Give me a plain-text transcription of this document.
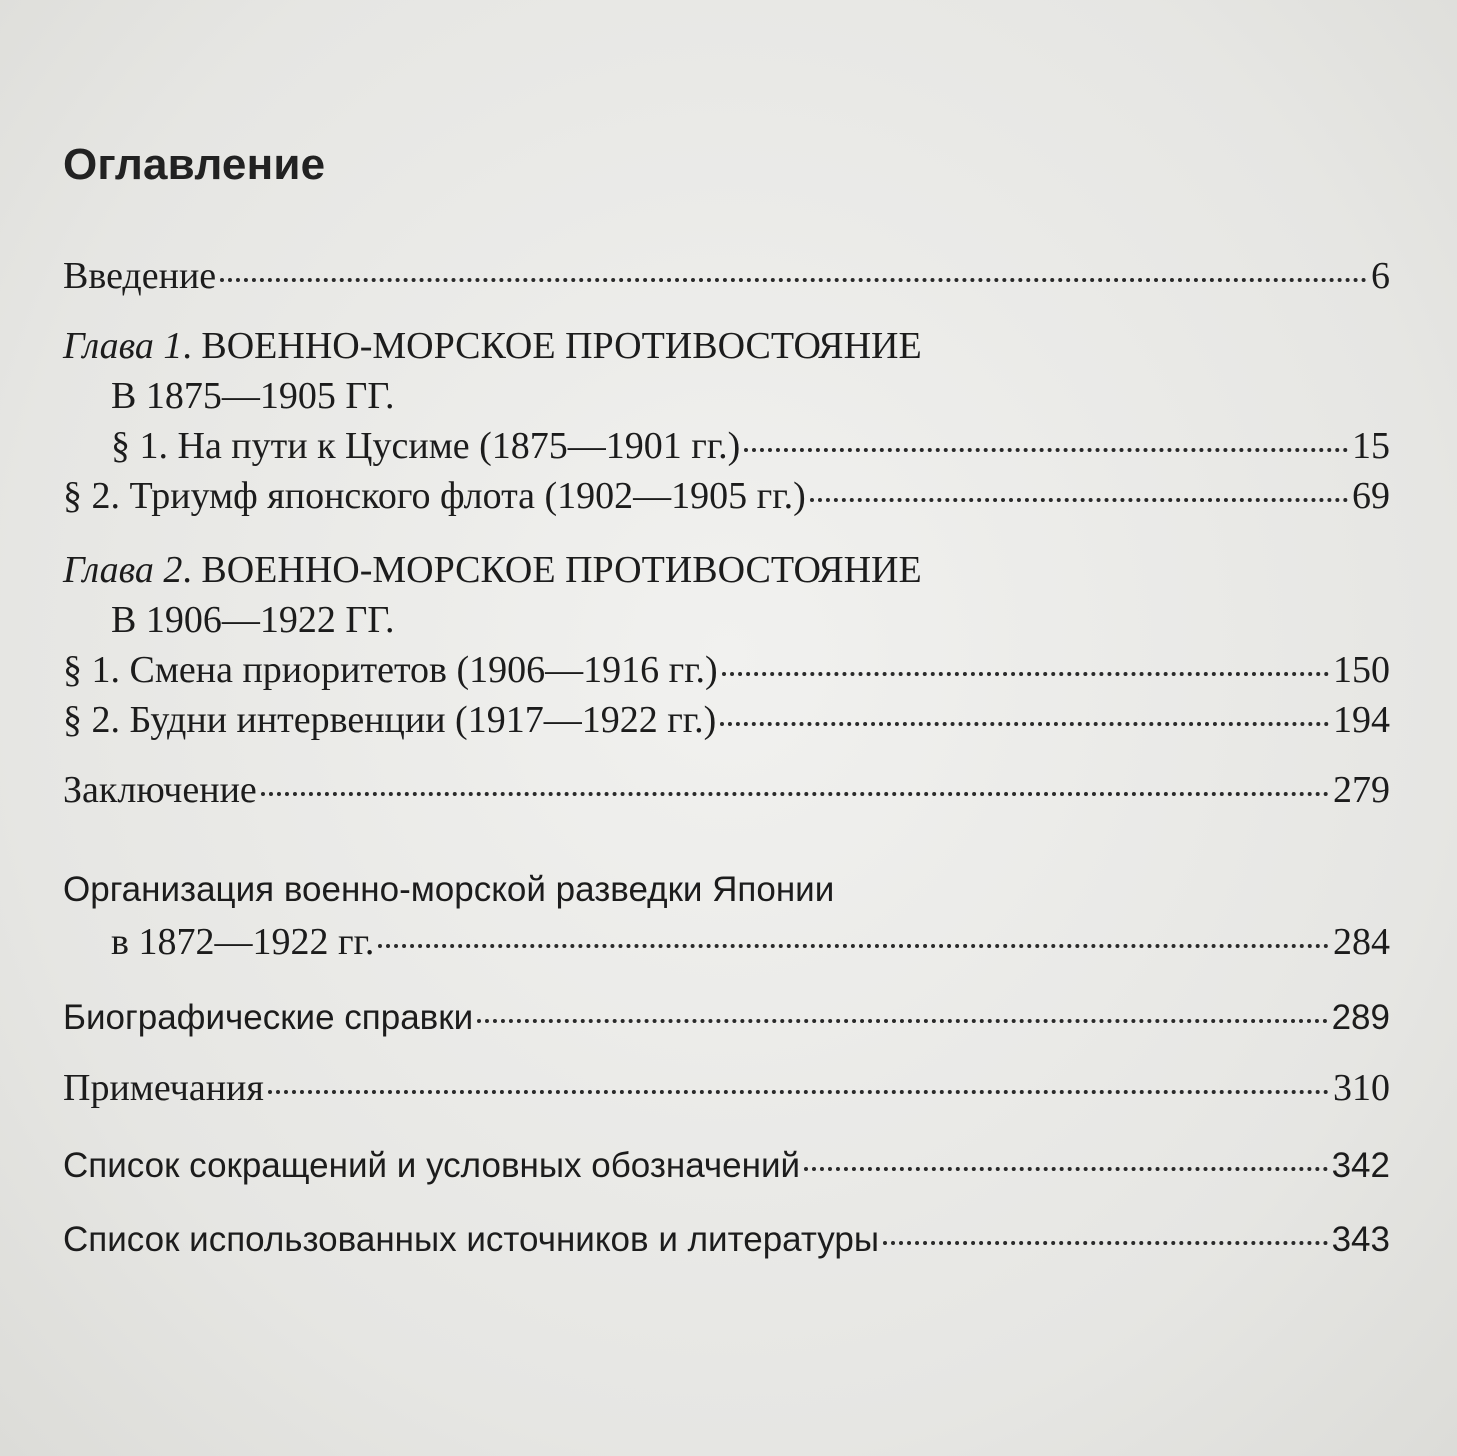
Оглавление
Введение	6
Глава 1. ВОЕННО-МОРСКОЕ ПРОТИВОСТОЯНИЕ
В 1875—1905 ГГ.
§ 1. На пути к Цусиме (1875—1901 гг.)	15
§ 2. Триумф японского флота (1902—1905 гг.)	69
Глава 2. ВОЕННО-МОРСКОЕ ПРОТИВОСТОЯНИЕ
В 1906—1922 ГГ.
§ 1. Смена приоритетов (1906—1916 гг.)	150
§ 2. Будни интервенции (1917—1922 гг.)	194
Заключение	279
Организация военно-морской разведки Японии
в 1872—1922 гг.	284
Биографические справки	289
Примечания	310
Список сокращений и условных обозначений	342
Список использованных источников и литературы	343
